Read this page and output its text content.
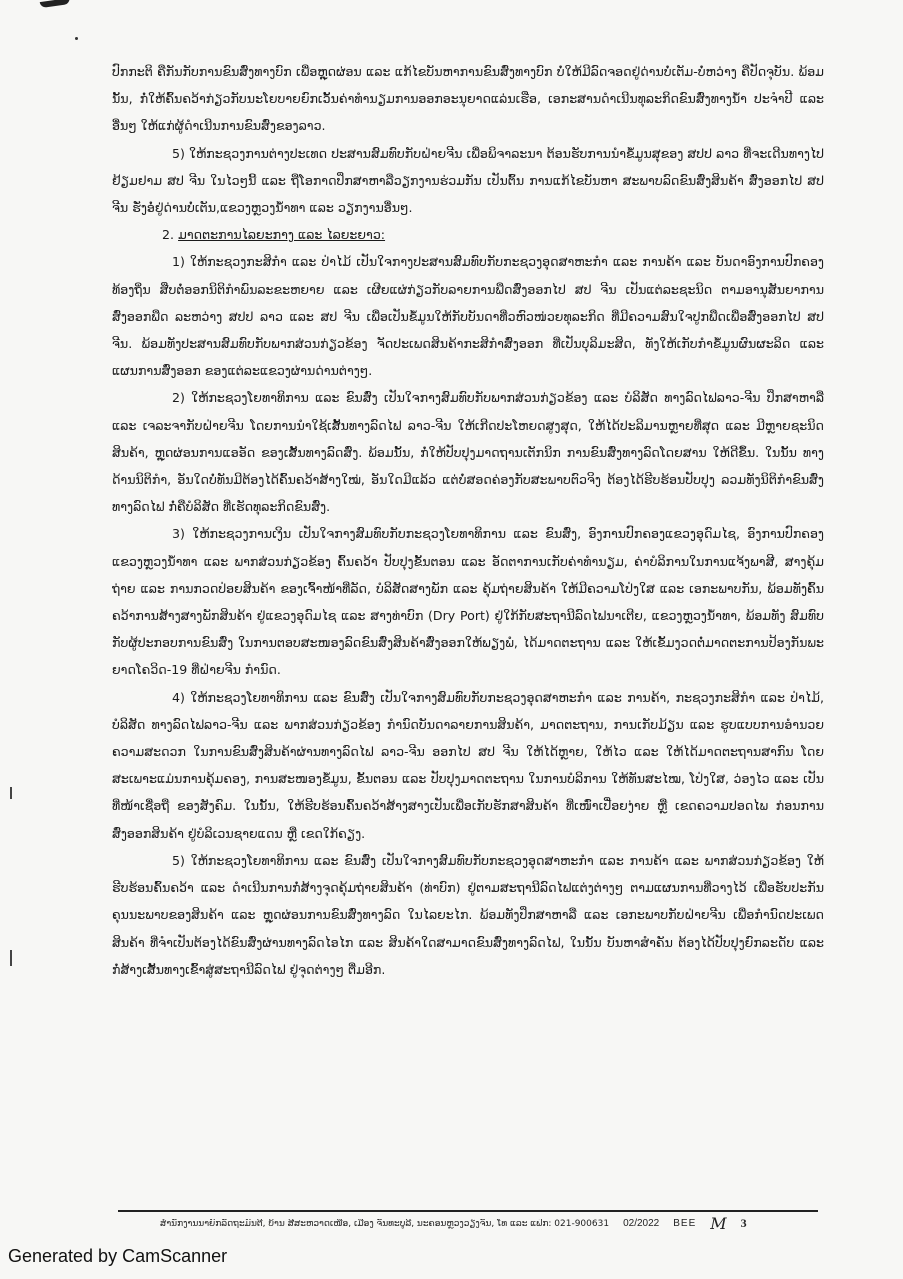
ປົກກະຕິ ຄືກັນກັບການຂົນສົ່ງທາງບົກ ເພື່ອຫຼຸດຜ່ອນ ແລະ ແກ້ໄຂບັນຫາການຂົນສົ່ງທາງບົກ ບໍ່ໃຫ້ມີລົດຈອດຢູ່ດ່ານບໍ່ເຕັມ-ບໍ່ຫວ່າງ ຄືປັດຈຸບັນ. ພ້ອມນັ້ນ, ກໍ່ໃຫ້ຄົ້ນຄວ້າກ່ຽວກັບນະໂຍບາຍຍົກເວັ້ນຄ່າທຳນຽມການອອກອະນຸຍາດແລ່ນເຮືອ, ເອກະສານດຳເນີນທຸລະກິດຂົນສົ່ງທາງນ້ຳ ປະຈຳປີ ແລະ ອື່ນໆ ໃຫ້ແກ່ຜູ້ດຳເນີນການຂົນສົ່ງຂອງລາວ.

5) ໃຫ້ກະຊວງການຕ່າງປະເທດ ປະສານສົມທົບກັບຝ່າຍຈີນ ເພື່ອພິຈາລະນາ ຕ້ອນຮັບການນຳຂໍ້ມູນສຸຂອງ ສປປ ລາວ ທີ່ຈະເດີນທາງໄປຢ້ຽມຢາມ ສປ ຈີນ ໃນໄວໆນີ້ ແລະ ຖືໂອກາດປຶກສາຫາລືວຽກງານຮ່ວມກັນ ເປັນຕົ້ນ ການແກ້ໄຂບັນຫາ ສະພາບລົດຂົນສົ່ງສິນຄ້າ ສົ່ງອອກໄປ ສປ ຈີນ ຮັ່ງອໍ່ຢູ່ດ່ານບໍ່ເຕັນ,ແຂວງຫຼວງນ້ຳທາ ແລະ ວຽກງານອື່ນໆ.

2. ມາດຕະການໄລຍະກາງ ແລະ ໄລຍະຍາວ:

1) ໃຫ້ກະຊວງກະສິກຳ ແລະ ປ່າໄມ້ ເປັນໃຈກາງປະສານສົມທົບກັບກະຊວງອຸດສາຫະກຳ ແລະ ການຄ້າ ແລະ ບັນດາອົງການປົກຄອງທ້ອງຖິ່ນ ສືບຕໍ່ອອກນິຕິກຳພົນລະຂະຫຍາຍ ແລະ ເຜີຍແຜ່ກ່ຽວກັບລາຍການພືດສົ່ງອອກໄປ ສປ ຈີນ ເປັນແຕ່ລະຊະນິດ ຕາມອານຸສັນຍາການສົ່ງອອກພືດ ລະຫວ່າງ ສປປ ລາວ ແລະ ສປ ຈີນ ເພື່ອເປັນຂໍ້ມູນໃຫ້ກັບບັນດາທີ່ວຫົວໜ່ວຍທຸລະກິດ ທີ່ມີຄວາມສົນໃຈປູກພືດເພື່ອສົ່ງອອກໄປ ສປ ຈີນ. ພ້ອມທັງປະສານສົມທົບກັບພາກສ່ວນກ່ຽວຂ້ອງ ຈັດປະເພດສິນຄ້າກະສິກຳສົ່ງອອກ ທີ່ເປັນບຸລິມະສິດ, ທັງໃຫ້ເກັບກຳຂໍ້ມູນຜົນຜະລິດ ແລະ ແຜນການສົ່ງອອກ ຂອງແຕ່ລະແຂວງຜ່ານດ່ານຕ່າງໆ.

2) ໃຫ້ກະຊວງໂຍທາທິການ ແລະ ຂົນສົ່ງ ເປັນໃຈກາງສົມທົບກັບພາກສ່ວນກ່ຽວຂ້ອງ ແລະ ບໍລິສັດ ທາງລົດໄຟລາວ-ຈີນ ປຶກສາຫາລື ແລະ ເຈລະຈາກັບຝ່າຍຈີນ ໂດຍການນຳໃຊ້ເສັ້ນທາງລົດໄຟ ລາວ-ຈີນ ໃຫ້ເກີດປະໂຫຍດສູງສຸດ, ໃຫ້ໄດ້ປະລິມານຫຼາຍທີ່ສຸດ ແລະ ມີຫຼາຍຊະນິດສິນຄ້າ, ຫຼຸດຜ່ອນການແອອັດ ຂອງເສັ້ນທາງລົດສົ່ງ. ພ້ອມນັ້ນ, ກໍ່ໃຫ້ປັບປຸງມາດຖານເຕັກນິກ ການຂົນສົ່ງທາງລົດໂດຍສານ ໃຫ້ດີຂຶ້ນ. ໃນນັ້ນ ທາງດ້ານນິຕິກຳ, ອັນໃດບໍ່ທັນມີຕ້ອງໄດ້ຄົ້ນຄວ້າສ້າງໃໝ່, ອັນໃດມີແລ້ວ ແຕ່ບໍ່ສອດຄ່ອງກັບສະພາບຕົວຈິງ ຕ້ອງໄດ້ຮີບຮ້ອນປັບປຸງ ລວມທັງນິຕິກຳຂົນສົ່ງທາງລົດໄຟ ກໍ່ຄືບໍລິສັດ ທີ່ເຮັດທຸລະກິດຂົນສົ່ງ.

3) ໃຫ້ກະຊວງການເງິນ ເປັນໃຈກາງສົມທົບກັບກະຊວງໂຍທາທິການ ແລະ ຂົນສົ່ງ, ອົງການປົກຄອງແຂວງອຸດົມໄຊ, ອົງການປົກຄອງແຂວງຫຼວງນ້ຳທາ ແລະ ພາກສ່ວນກ່ຽວຂ້ອງ ຄົ້ນຄວ້າ ປັບປຸງຂັ້ນຕອນ ແລະ ອັດຕາການເກັບຄ່າທຳນຽມ, ຄ່າບໍລິການໃນການແຈ້ງພາສີ, ສາງຄຸ້ມຖ່າຍ ແລະ ການກວດປ່ອຍສິນຄ້າ ຂອງເຈົ້າໜ້າທີ່ລັດ, ບໍລິສັດສາງພັກ ແລະ ຄຸ້ມຖ່າຍສິນຄ້າ ໃຫ້ມີຄວາມໂປ່ງໃສ ແລະ ເອກະພາບກັນ, ພ້ອມທັງຄົ້ນຄວ້າການສ້າງສາງພັກສິນຄ້າ ຢູ່ແຂວງອຸດົມໄຊ ແລະ ສາງທ່າບົກ (Dry Port) ຢູ່ໃກ້ກັບສະຖານີລົດໄຟນາເຕີຍ, ແຂວງຫຼວງນ້ຳທາ, ພ້ອມທັງ ສົມທົບກັບຜູ້ປະກອບການຂົນສົ່ງ ໃນການຕອບສະໜອງລົດຂົນສົ່ງສິນຄ້າສົ່ງອອກໃຫ້ພຽງພໍ, ໄດ້ມາດຕະຖານ ແລະ ໃຫ້ເຂັ້ມງວດຕໍ່ມາດຕະການປ້ອງກັນພະຍາດໂຄວິດ-19 ທີ່ຝ່າຍຈີນ ກຳນົດ.

4) ໃຫ້ກະຊວງໂຍທາທິການ ແລະ ຂົນສົ່ງ ເປັນໃຈກາງສົມທົບກັບກະຊວງອຸດສາຫະກຳ ແລະ ການຄ້າ, ກະຊວງກະສິກຳ ແລະ ປ່າໄມ້, ບໍລິສັດ ທາງລົດໄຟລາວ-ຈີນ ແລະ ພາກສ່ວນກ່ຽວຂ້ອງ ກຳນົດບັນດາລາຍການສິນຄ້າ, ມາດຕະຖານ, ການເກັບມ້ຽນ ແລະ ຮູບແບບການອຳນວຍຄວາມສະດວກ ໃນການຂົນສົ່ງສິນຄ້າຜ່ານທາງລົດໄຟ ລາວ-ຈີນ ອອກໄປ ສປ ຈີນ ໃຫ້ໄດ້ຫຼາຍ, ໃຫ້ໄວ ແລະ ໃຫ້ໄດ້ມາດຕະຖານສາກົນ ໂດຍສະເພາະແມ່ນການຄຸ້ມຄອງ, ການສະໜອງຂໍ້ມູນ, ຂັ້ນຕອນ ແລະ ປັບປຸງມາດຕະຖານ ໃນການບໍລິການ ໃຫ້ທັນສະໄໝ, ໂປ່ງໃສ, ວ່ອງໄວ ແລະ ເປັນທີ່ໜ້າເຊື່ອຖື ຂອງສັງຄົມ. ໃນນັ້ນ, ໃຫ້ຮີບຮ້ອນຄົ້ນຄວ້າສ້າງສາງເປັນເພື່ອເກັບຮັກສາສິນຄ້າ ທີ່ເໜົ່າເປື່ອຍງ່າຍ ຫຼື ເຂດຄວາມປອດໄພ ກ່ອນການສົ່ງອອກສິນຄ້າ ຢູ່ບໍລິເວນຊາຍແດນ ຫຼື ເຂດໃກ້ຄຽງ.

5) ໃຫ້ກະຊວງໂຍທາທິການ ແລະ ຂົນສົ່ງ ເປັນໃຈກາງສົມທົບກັບກະຊວງອຸດສາຫະກຳ ແລະ ການຄ້າ ແລະ ພາກສ່ວນກ່ຽວຂ້ອງ ໃຫ້ຮີບຮ້ອນຄົ້ນຄວ້າ ແລະ ດຳເນີນການກໍ່ສ້າງຈຸດຄຸ້ມຖ່າຍສິນຄ້າ (ທ່າບົກ) ຢູ່ຕາມສະຖານີລົດໄຟແຕ່ງຕ່າງໆ ຕາມແຜນການທີ່ວາງໄວ້ ເພື່ອຮັບປະກັນຄຸນນະພາບຂອງສິນຄ້າ ແລະ ຫຼຸດຜ່ອນການຂົນສົ່ງທາງລົດ ໃນໄລຍະໄກ. ພ້ອມທັງປຶກສາຫາລື ແລະ ເອກະພາບກັບຝ່າຍຈີນ ເພື່ອກຳນົດປະເພດສິນຄ້າ ທີ່ຈຳເປັນຕ້ອງໄດ້ຂົນສົ່ງຜ່ານທາງລົດໄອໄກ ແລະ ສິນຄ້າໃດສາມາດຂົນສົ່ງທາງລົດໄຟ, ໃນນັ້ນ ບັນຫາສຳຄັນ ຕ້ອງໄດ້ປັບປຸງຍົກລະດັບ ແລະ ກໍ່ສ້າງເສັ້ນທາງເຂົ້າສູ່ສະຖານີລົດໄຟ ຢູ່ຈຸດຕ່າງໆ ຕື່ມອີກ.

ສຳນັກງານນາຍົກລັດຖະມົນຕີ, ບ້ານ ສີສະຫວາດເໜືອ, ເມືອງ ຈັນທະບູລີ, ນະຄອນຫຼວງວຽງຈັນ, ໂທ ແລະ ແຟັກ: 021-900631 02/2022 BEE M 3
Generated by CamScanner
